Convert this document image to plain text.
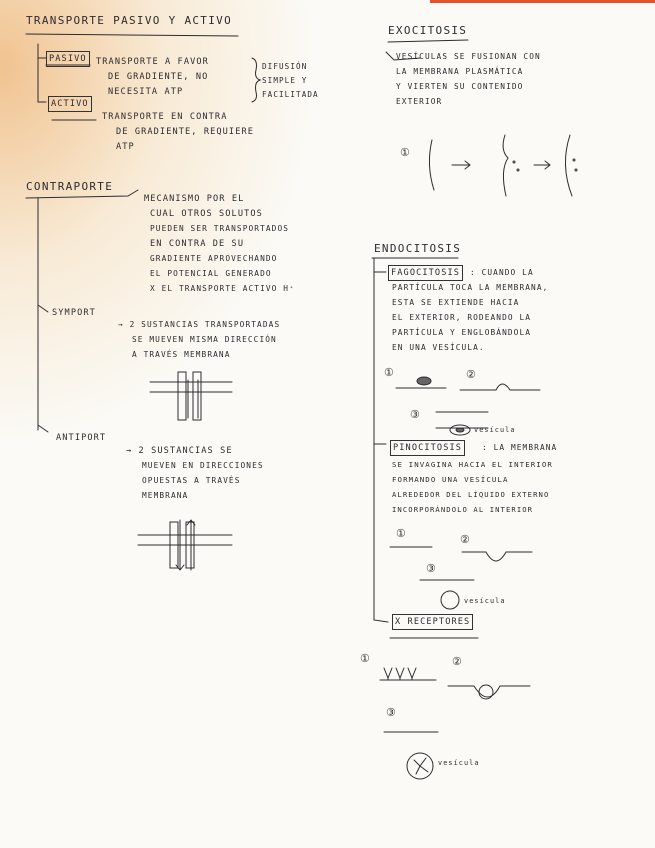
TRANSPORTE PASIVO Y ACTIVO
PASIVO	TRANSPORTE A FAVOR
DE GRADIENTE, NO
NECESITA ATP
DIFUSIÓN
SIMPLE Y
FACILITADA
ACTIVO
TRANSPORTE EN CONTRA
DE GRADIENTE, REQUIERE
ATP
CONTRAPORTE
MECANISMO POR EL
CUAL OTROS SOLUTOS
PUEDEN SER TRANSPORTADOS
EN CONTRA DE SU
GRADIENTE APROVECHANDO
EL POTENCIAL GENERADO
X EL TRANSPORTE ACTIVO H⁺
SYMPORT
→ 2 SUSTANCIAS TRANSPORTADAS
SE MUEVEN MISMA DIRECCIÓN
A TRAVÉS MEMBRANA
ANTIPORT
→ 2 SUSTANCIAS SE
MUEVEN EN DIRECCIONES
OPUESTAS A TRAVÉS
MEMBRANA
EXOCITOSIS
VESÍCULAS SE FUSIONAN CON
LA MEMBRANA PLASMÁTICA
Y VIERTEN SU CONTENIDO
EXTERIOR
①
ENDOCITOSIS
FAGOCITOSIS	: CUANDO LA
PARTÍCULA TOCA LA MEMBRANA,
ESTA SE EXTIENDE HACIA
EL EXTERIOR, RODEANDO LA
PARTÍCULA Y ENGLOBÁNDOLA
EN UNA VESÍCULA.
①	②
③
vesícula
PINOCITOSIS	: LA MEMBRANA
SE INVAGINA HACIA EL INTERIOR
FORMANDO UNA VESÍCULA
ALREDEDOR DEL LÍQUIDO EXTERNO
INCORPORÁNDOLO AL INTERIOR
①	②
③
vesícula
X RECEPTORES
①	②
③
vesícula
